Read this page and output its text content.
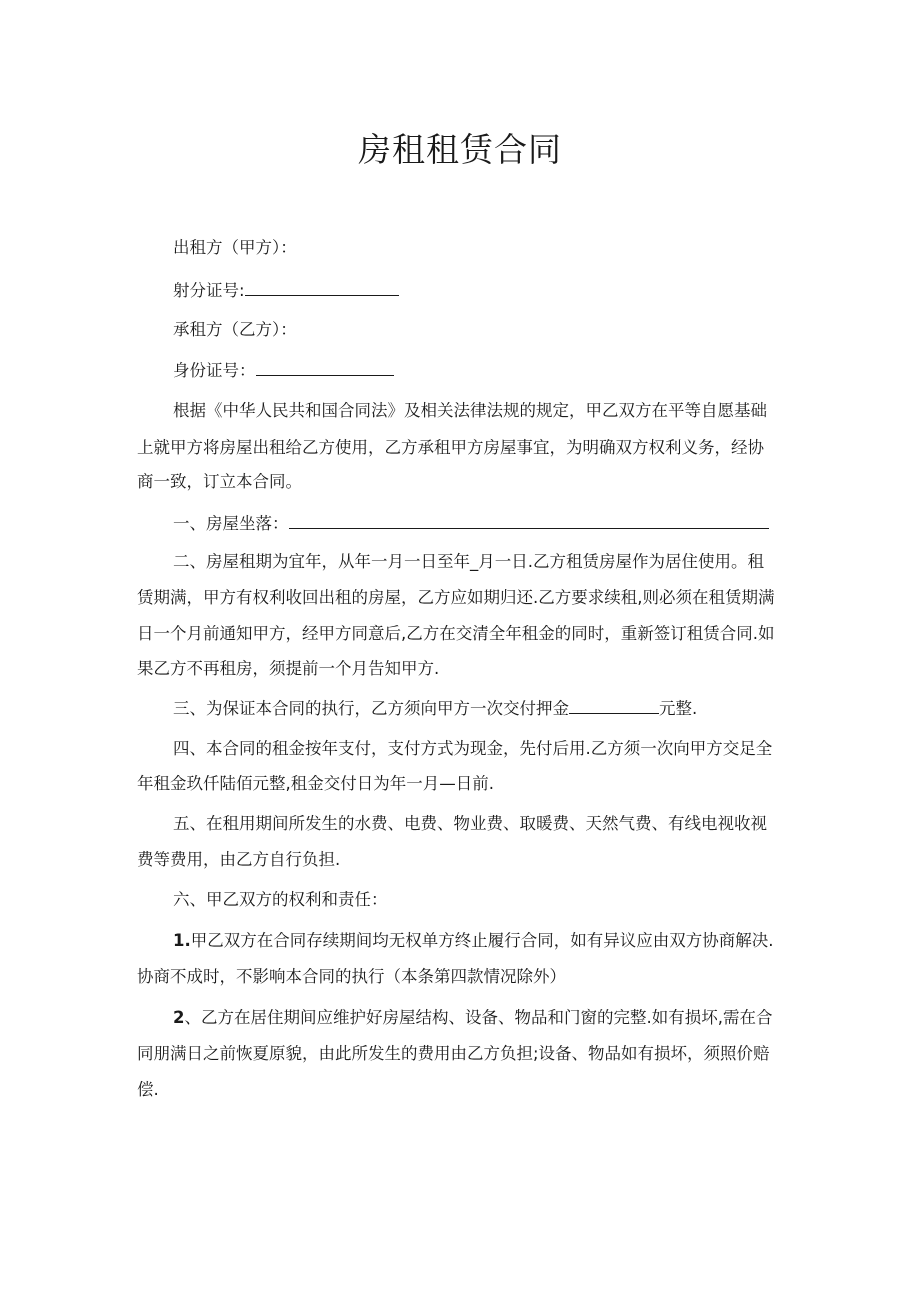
房租租赁合同

出租方（甲方）：

射分证号:

承租方（乙方）：

身份证号：

根据《中华人民共和国合同法》及相关法律法规的规定，甲乙双方在平等自愿基础

上就甲方将房屋出租给乙方使用，乙方承租甲方房屋事宜，为明确双方权利义务，经协

商一致，订立本合同。

一、房屋坐落：

二、房屋租期为宜年，从年一月一日至年_月一日.乙方租赁房屋作为居住使用。租

赁期满，甲方有权利收回出租的房屋，乙方应如期归还.乙方要求续租,则必须在租赁期满

日一个月前通知甲方，经甲方同意后,乙方在交清全年租金的同时，重新签订租赁合同.如

果乙方不再租房，须提前一个月告知甲方.

三、为保证本合同的执行，乙方须向甲方一次交付押金	元整.

四、本合同的租金按年支付，支付方式为现金，先付后用.乙方须一次向甲方交足全

年租金玖仟陆佰元整,租金交付日为年一月—日前.

五、在租用期间所发生的水费、电费、物业费、取暖费、天然气费、有线电视收视

费等费用，由乙方自行负担.

六、甲乙双方的权利和责任：

1.甲乙双方在合同存续期间均无权单方终止履行合同，如有异议应由双方协商解决.

协商不成时，不影响本合同的执行（本条第四款情况除外）

2、乙方在居住期间应维护好房屋结构、设备、物品和门窗的完整.如有损坏,需在合

同朋满日之前恢夏原貌，由此所发生的费用由乙方负担;设备、物品如有损坏，须照价赔

偿.
